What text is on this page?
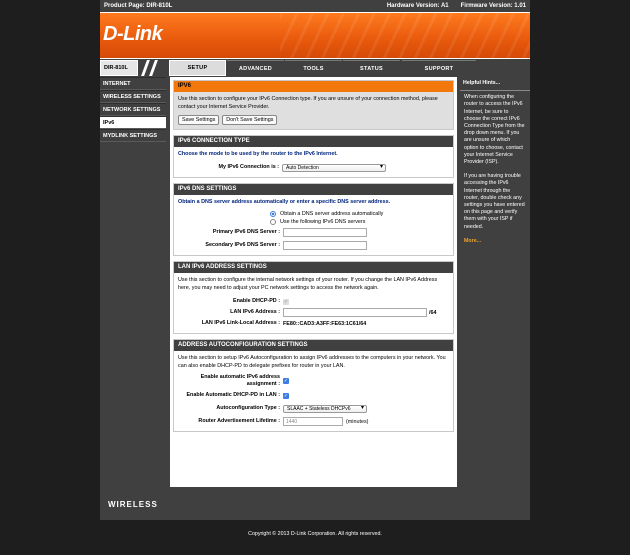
Product Page: DIR-810L	Hardware Version: A1 Firmware Version: 1.01
D-Link
DIR-810L	SETUP	ADVANCED	TOOLS	STATUS	SUPPORT
INTERNET
WIRELESS SETTINGS
NETWORK SETTINGS
IPv6
MYDLINK SETTINGS
IPV6
Use this section to configure your IPv6 Connection type. If you are unsure of your connection method, please contact your Internet Service Provider.
Save Settings	Don't Save Settings
IPv6 CONNECTION TYPE
Choose the mode to be used by the router to the IPv6 Internet.
My IPv6 Connection is :	Auto Detection ▾
IPv6 DNS SETTINGS
Obtain a DNS server address automatically or enter a specific DNS server address.
Obtain a DNS server address automatically
Use the following IPv6 DNS servers
Primary IPv6 DNS Server :
Secondary IPv6 DNS Server :
LAN IPv6 ADDRESS SETTINGS
Use this section to configure the internal network settings of your router. If you change the LAN IPv6 Address here, you may need to adjust your PC network settings to access the network again.
Enable DHCP-PD : ✓
LAN IPv6 Address :	/64
LAN IPv6 Link-Local Address : FE80::CAD3:A3FF:FE63:1C61/64
ADDRESS AUTOCONFIGURATION SETTINGS
Use this section to setup IPv6 Autoconfiguration to assign IPv6 addresses to the computers in your network. You can also enable DHCP-PD to delegate prefixes for router in your LAN.
Enable automatic IPv6 address assignment : ✓
Enable Automatic DHCP-PD in LAN : ✓
Autoconfiguration Type :	SLAAC + Stateless DHCPv6 ▾
Router Advertisement Lifetime :	1440	(minutes)
Helpful Hints...

When configuring the router to access the IPv6 Internet, be sure to choose the correct IPv6 Connection Type from the drop down menu. If you are unsure of which option to choose, contact your Internet Service Provider (ISP).

If you are having trouble accessing the IPv6 Internet through the router, double check any settings you have entered on this page and verify them with your ISP if needed.

More...
WIRELESS
Copyright © 2013 D-Link Corporation. All rights reserved.
